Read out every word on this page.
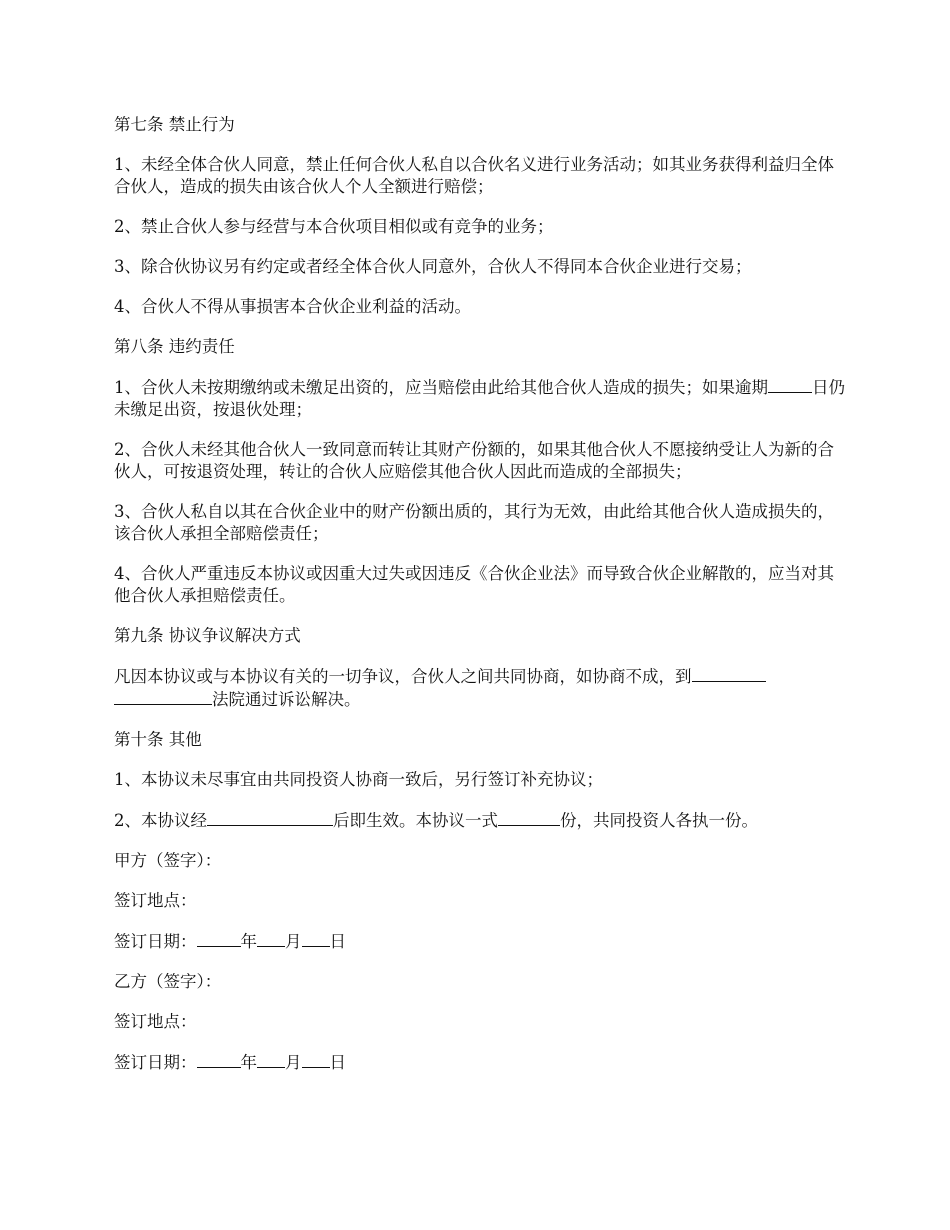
第七条 禁止行为

1、未经全体合伙人同意，禁止任何合伙人私自以合伙名义进行业务活动；如其业务获得利益归全体合伙人，造成的损失由该合伙人个人全额进行赔偿；

2、禁止合伙人参与经营与本合伙项目相似或有竞争的业务；

3、除合伙协议另有约定或者经全体合伙人同意外，合伙人不得同本合伙企业进行交易；

4、合伙人不得从事损害本合伙企业利益的活动。

第八条 违约责任

1、合伙人未按期缴纳或未缴足出资的，应当赔偿由此给其他合伙人造成的损失；如果逾期	日仍未缴足出资，按退伙处理；

2、合伙人未经其他合伙人一致同意而转让其财产份额的，如果其他合伙人不愿接纳受让人为新的合伙人，可按退资处理，转让的合伙人应赔偿其他合伙人因此而造成的全部损失；

3、合伙人私自以其在合伙企业中的财产份额出质的，其行为无效，由此给其他合伙人造成损失的，该合伙人承担全部赔偿责任；

4、合伙人严重违反本协议或因重大过失或因违反《合伙企业法》而导致合伙企业解散的，应当对其他合伙人承担赔偿责任。

第九条 协议争议解决方式

凡因本协议或与本协议有关的一切争议，合伙人之间共同协商，如协商不成，到
法院通过诉讼解决。

第十条 其他

1、本协议未尽事宜由共同投资人协商一致后，另行签订补充协议；

2、本协议经	后即生效。本协议一式	份，共同投资人各执一份。

甲方（签字）：

签订地点：

签订日期：	年 月 日

乙方（签字）：

签订地点：

签订日期：	年 月 日
